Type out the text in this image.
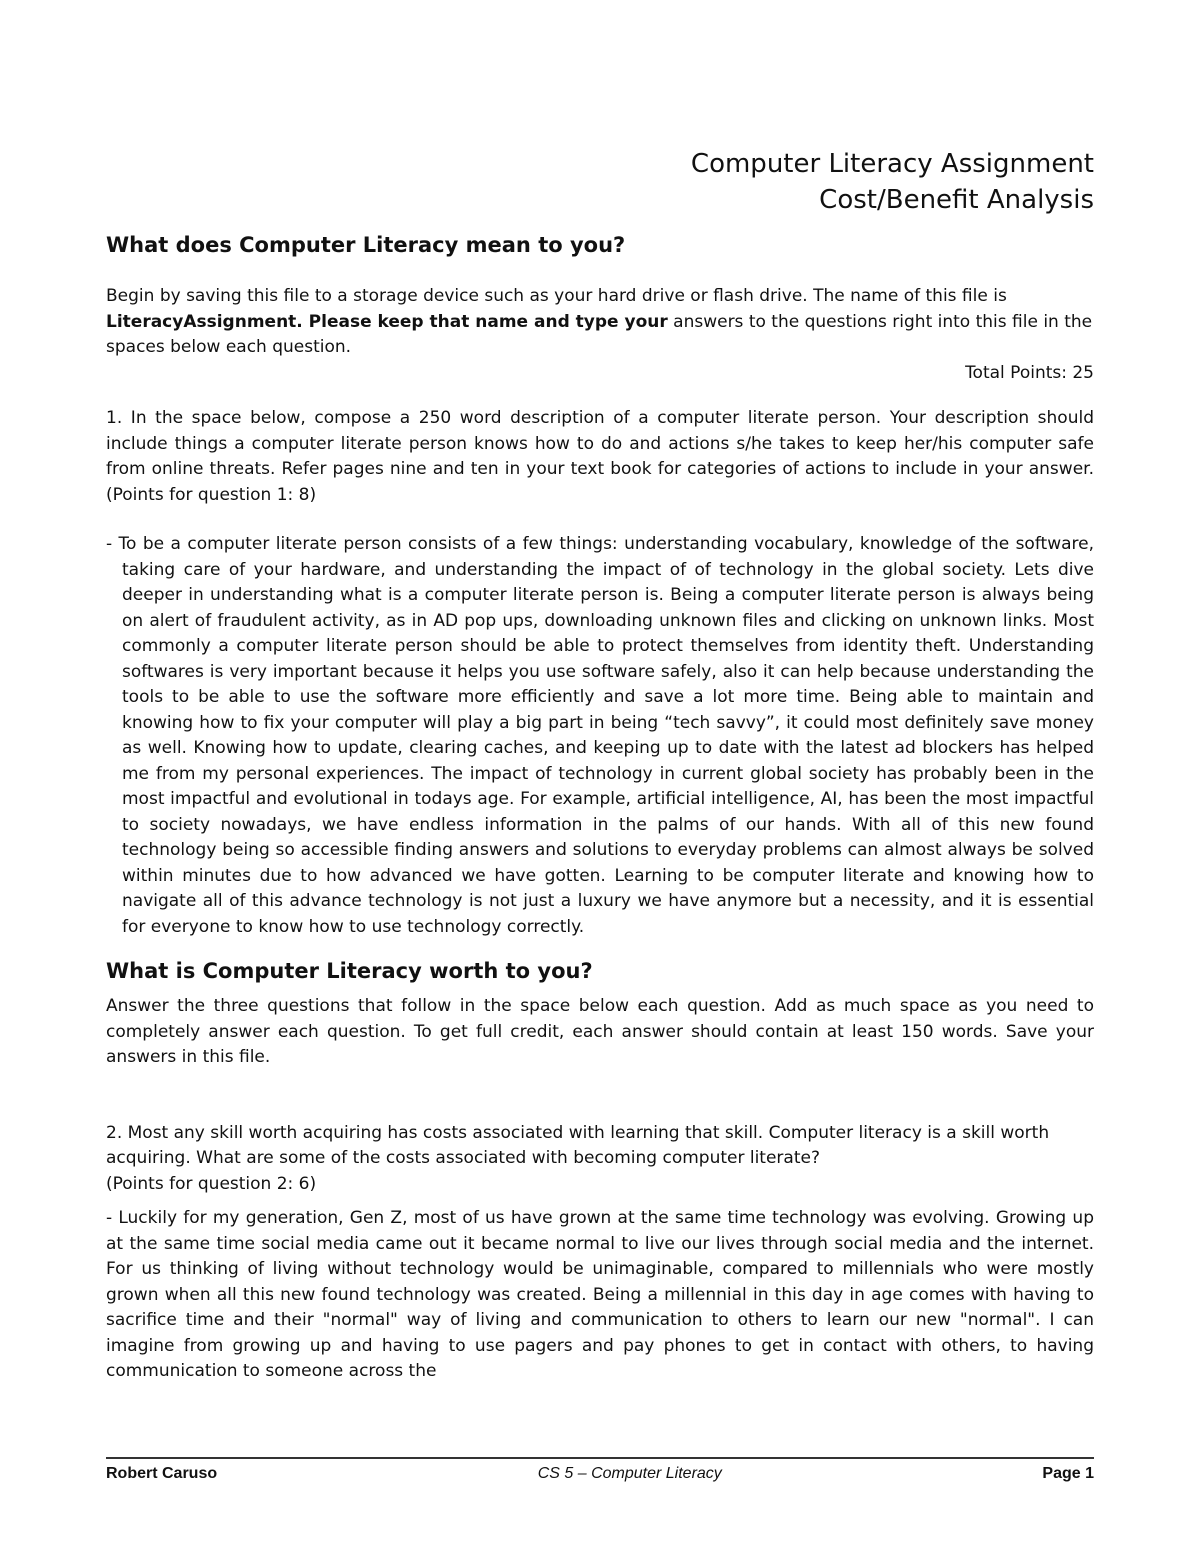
Computer Literacy Assignment
Cost/Benefit Analysis
What does Computer Literacy mean to you?

Begin by saving this file to a storage device such as your hard drive or flash drive. The name of this file is LiteracyAssignment. Please keep that name and type your answers to the questions right into this file in the spaces below each question.

Total Points: 25

1. In the space below, compose a 250 word description of a computer literate person. Your description should include things a computer literate person knows how to do and actions s/he takes to keep her/his computer safe from online threats. Refer pages nine and ten in your text book for categories of actions to include in your answer. (Points for question 1: 8)

- To be a computer literate person consists of a few things: understanding vocabulary, knowledge of the software, taking care of your hardware, and understanding the impact of of technology in the global society. Lets dive deeper in understanding what is a computer literate person is. Being a computer literate person is always being on alert of fraudulent activity, as in AD pop ups, downloading unknown files and clicking on unknown links. Most commonly a computer literate person should be able to protect themselves from identity theft. Understanding softwares is very important because it helps you use software safely, also it can help because understanding the tools to be able to use the software more efficiently and save a lot more time. Being able to maintain and knowing how to fix your computer will play a big part in being “tech savvy”, it could most definitely save money as well. Knowing how to update, clearing caches, and keeping up to date with the latest ad blockers has helped me from my personal experiences. The impact of technology in current global society has probably been in the most impactful and evolutional in todays age. For example, artificial intelligence, AI, has been the most impactful to society nowadays, we have endless information in the palms of our hands. With all of this new found technology being so accessible finding answers and solutions to everyday problems can almost always be solved within minutes due to how advanced we have gotten. Learning to be computer literate and knowing how to navigate all of this advance technology is not just a luxury we have anymore but a necessity, and it is essential for everyone to know how to use technology correctly.

What is Computer Literacy worth to you?

Answer the three questions that follow in the space below each question. Add as much space as you need to completely answer each question. To get full credit, each answer should contain at least 150 words. Save your answers in this file.

2. Most any skill worth acquiring has costs associated with learning that skill. Computer literacy is a skill worth acquiring. What are some of the costs associated with becoming computer literate?
(Points for question 2: 6)

- Luckily for my generation, Gen Z, most of us have grown at the same time technology was evolving. Growing up at the same time social media came out it became normal to live our lives through social media and the internet. For us thinking of living without technology would be unimaginable, compared to millennials who were mostly grown when all this new found technology was created. Being a millennial in this day in age comes with having to sacrifice time and their "normal" way of living and communication to others to learn our new "normal". I can imagine from growing up and having to use pagers and pay phones to get in contact with others, to having communication to someone across the

Robert Caruso	CS 5 – Computer Literacy	Page 1
